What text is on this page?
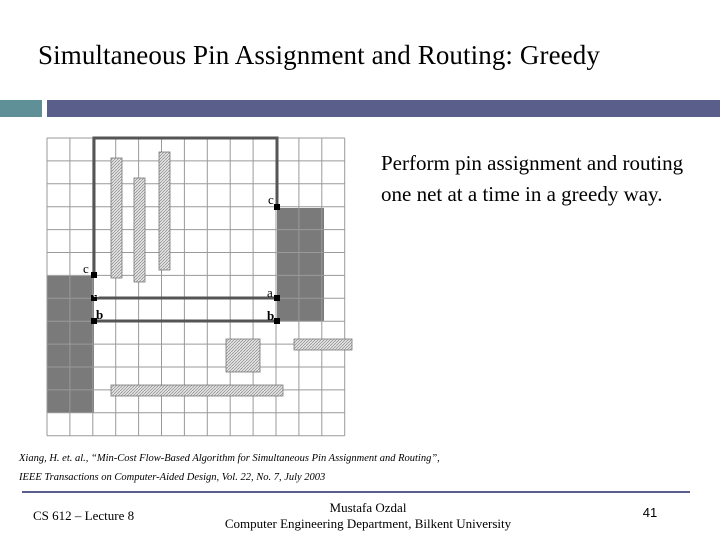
Simultaneous Pin Assignment and Routing: Greedy
c
c
a	a
b	b
Perform pin assignment and routing one net at a time in a greedy way.
Xiang, H. et. al., “Min-Cost Flow-Based Algorithm for Simultaneous Pin Assignment and Routing”,
IEEE Transactions on Computer-Aided Design, Vol. 22, No. 7, July 2003
CS 612 – Lecture 8
Mustafa Ozdal
Computer Engineering Department, Bilkent University
41
